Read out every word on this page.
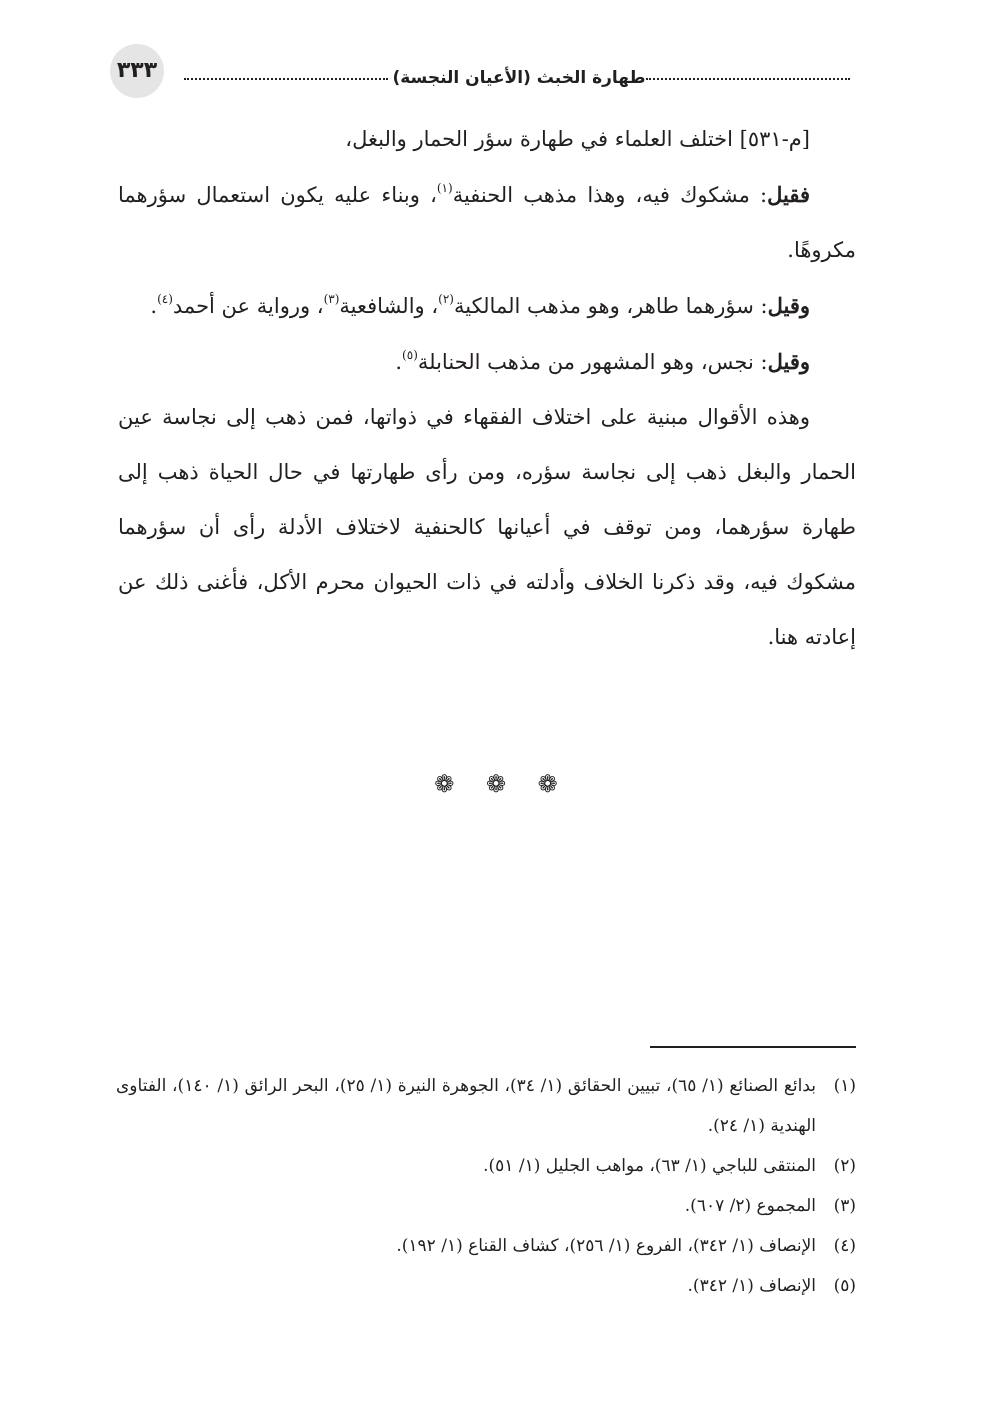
طهارة الخبث (الأعيان النجسة)
٣٣٣

[م-٥٣١] اختلف العلماء في طهارة سؤر الحمار والبغل،

فقيل: مشكوك فيه، وهذا مذهب الحنفية$^{(١)}$، وبناء عليه يكون استعمال سؤرهما مكروهًا.

وقيل: سؤرهما طاهر، وهو مذهب المالكية$^{(٢)}$، والشافعية$^{(٣)}$، ورواية عن أحمد$^{(٤)}$.

وقيل: نجس، وهو المشهور من مذهب الحنابلة$^{(٥)}$.

وهذه الأقوال مبنية على اختلاف الفقهاء في ذواتها، فمن ذهب إلى نجاسة عين الحمار والبغل ذهب إلى نجاسة سؤره، ومن رأى طهارتها في حال الحياة ذهب إلى طهارة سؤرهما، ومن توقف في أعيانها كالحنفية لاختلاف الأدلة رأى أن سؤرهما مشكوك فيه، وقد ذكرنا الخلاف وأدلته في ذات الحيوان محرم الأكل، فأغنى ذلك عن إعادته هنا.

❁ ❁ ❁
(١)
بدائع الصنائع (١/ ٦٥)، تبيين الحقائق (١/ ٣٤)، الجوهرة النيرة (١/ ٢٥)، البحر الرائق (١/ ١٤٠)، الفتاوى الهندية (١/ ٢٤).
(٢)
المنتقى للباجي (١/ ٦٣)، مواهب الجليل (١/ ٥١).
(٣)
المجموع (٢/ ٦٠٧).
(٤)
الإنصاف (١/ ٣٤٢)، الفروع (١/ ٢٥٦)، كشاف القناع (١/ ١٩٢).
(٥)
الإنصاف (١/ ٣٤٢).
